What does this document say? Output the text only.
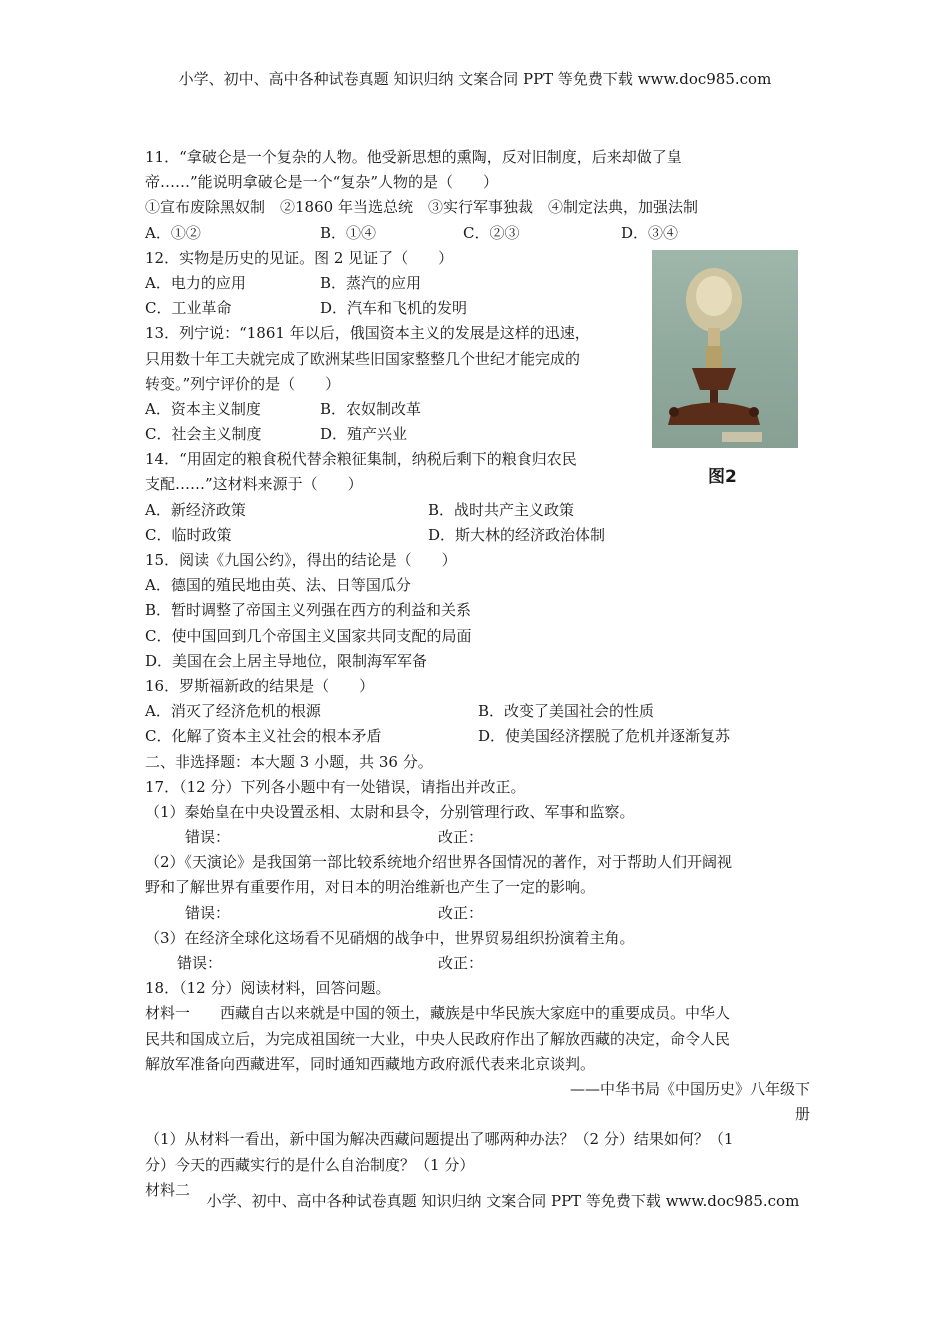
小学、初中、高中各种试卷真题 知识归纳 文案合同 PPT 等免费下载 www.doc985.com
图2
11．“拿破仑是一个复杂的人物。他受新思想的熏陶，反对旧制度，后来却做了皇
帝……”能说明拿破仑是一个“复杂”人物的是（　　）
①宣布废除黑奴制　②1860 年当选总统　③实行军事独裁　④制定法典，加强法制
A．①②	B．①④	C．②③	D．③④
12．实物是历史的见证。图 2 见证了（　　）
A．电力的应用	B．蒸汽的应用
C．工业革命	D．汽车和飞机的发明
13．列宁说：“1861 年以后，俄国资本主义的发展是这样的迅速，
只用数十年工夫就完成了欧洲某些旧国家整整几个世纪才能完成的
转变。”列宁评价的是（　　）
A．资本主义制度	B．农奴制改革
C．社会主义制度	D．殖产兴业
14．“用固定的粮食税代替余粮征集制，纳税后剩下的粮食归农民
支配……”这材料来源于（　　）
A．新经济政策	B．战时共产主义政策
C．临时政策	D．斯大林的经济政治体制
15．阅读《九国公约》，得出的结论是（　　）
A．德国的殖民地由英、法、日等国瓜分
B．暂时调整了帝国主义列强在西方的利益和关系
C．使中国回到几个帝国主义国家共同支配的局面
D．美国在会上居主导地位，限制海军军备
16．罗斯福新政的结果是（　　）
A．消灭了经济危机的根源	B．改变了美国社会的性质
C．化解了资本主义社会的根本矛盾	D．使美国经济摆脱了危机并逐渐复苏
二、非选择题：本大题 3 小题，共 36 分。
17．（12 分）下列各小题中有一处错误，请指出并改正。
（1）秦始皇在中央设置丞相、太尉和县令，分别管理行政、军事和监察。
错误：	改正：
（2）《天演论》是我国第一部比较系统地介绍世界各国情况的著作，对于帮助人们开阔视
野和了解世界有重要作用，对日本的明治维新也产生了一定的影响。
错误：	改正：
（3）在经济全球化这场看不见硝烟的战争中，世界贸易组织扮演着主角。
错误：	改正：
18．（12 分）阅读材料，回答问题。
材料一　　西藏自古以来就是中国的领土，藏族是中华民族大家庭中的重要成员。中华人
民共和国成立后，为完成祖国统一大业，中央人民政府作出了解放西藏的决定，命令人民
解放军准备向西藏进军，同时通知西藏地方政府派代表来北京谈判。
——中华书局《中国历史》八年级下
册
（1）从材料一看出，新中国为解决西藏问题提出了哪两种办法？（2 分）结果如何？（1
分）今天的西藏实行的是什么自治制度？（1 分）
材料二
小学、初中、高中各种试卷真题 知识归纳 文案合同 PPT 等免费下载 www.doc985.com
